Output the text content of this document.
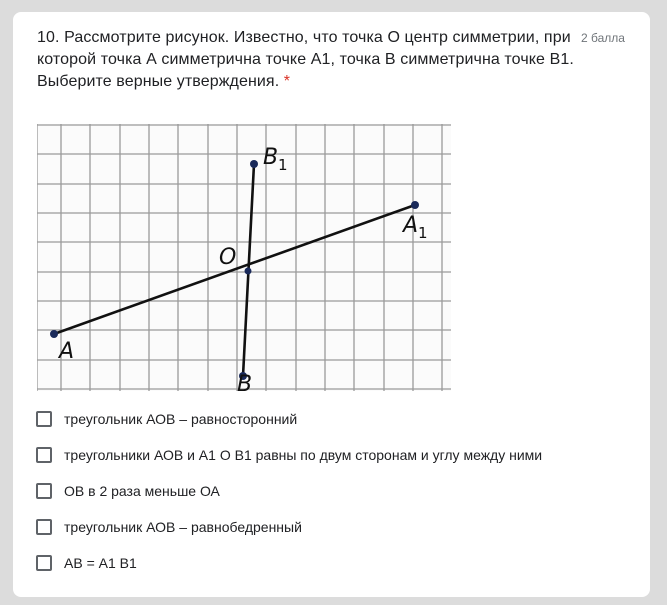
10. Рассмотрите рисунок. Известно, что точка О центр симметрии, при которой точка А симметрична точке А1, точка В симметрична точке В1. Выберите верные утверждения. *
2 балла
A
B
O
B 1
A 1
треугольник АОВ – равносторонний
треугольники АОВ и А1 О В1 равны по двум сторонам и углу между ними
ОВ в 2 раза меньше ОА
треугольник АОВ – равнобедренный
АВ = А1 В1
